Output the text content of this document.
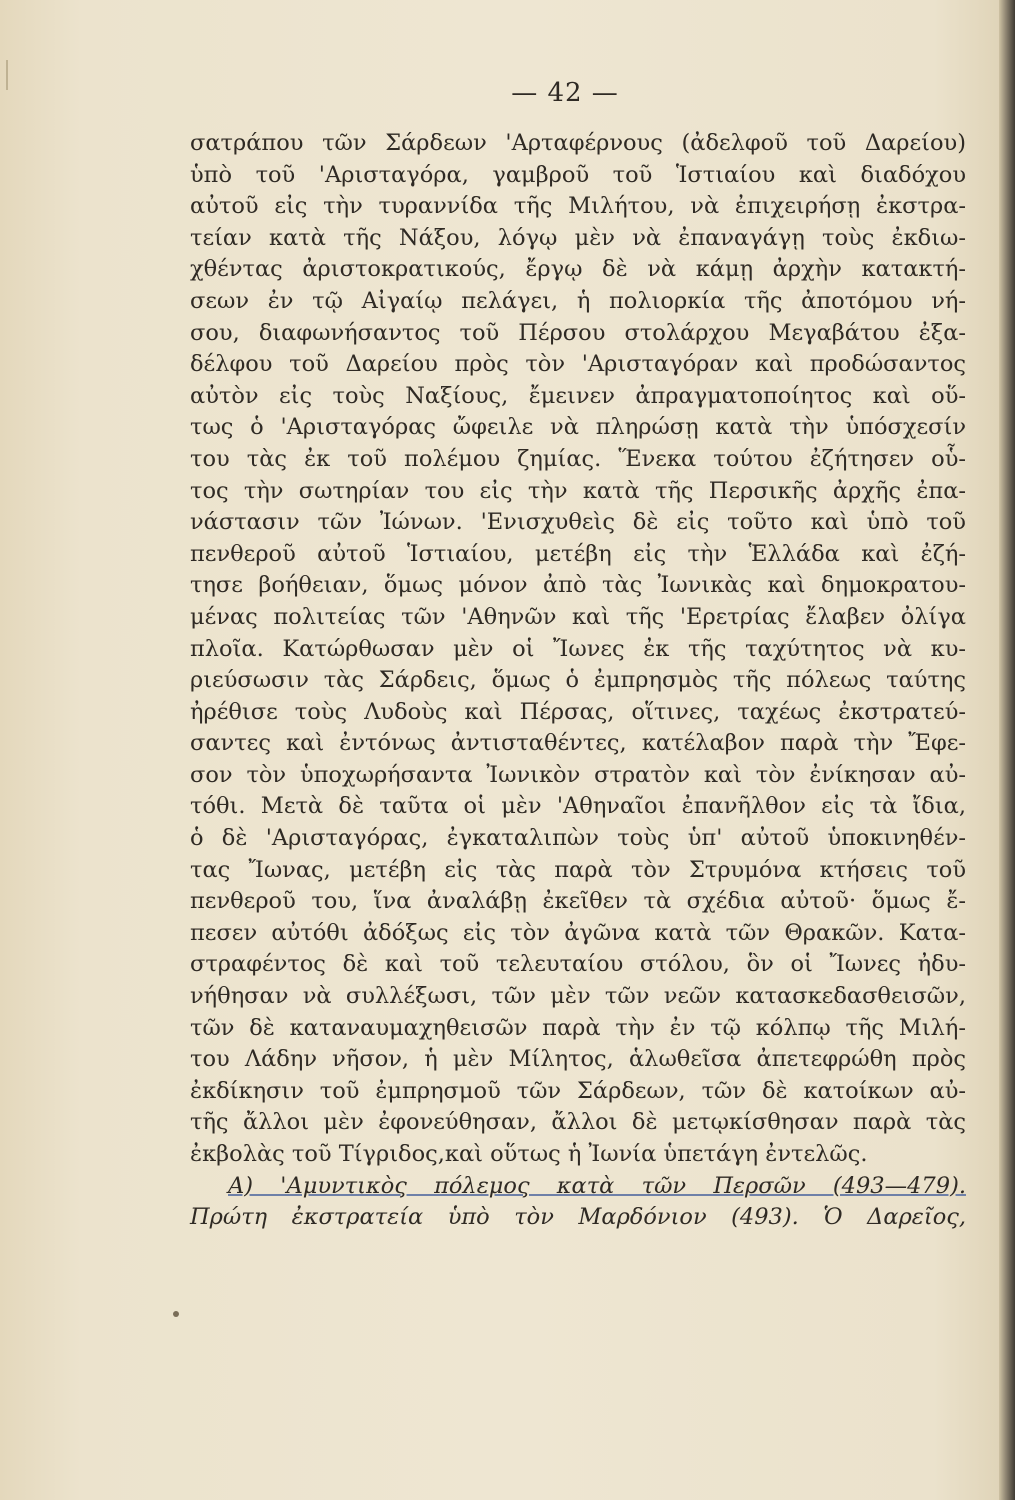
— 42 —
σατράπου τῶν Σάρδεων 'Αρταφέρνους (ἀδελφοῦ τοῦ Δαρείου)
ὑπὸ τοῦ 'Αρισταγόρα, γαμβροῦ τοῦ Ἱστιαίου καὶ διαδόχου
αὐτοῦ εἰς τὴν τυραννίδα τῆς Μιλήτου, νὰ ἐπιχειρήσῃ ἐκστρα-
τείαν κατὰ τῆς Νάξου, λόγῳ μὲν νὰ ἐπαναγάγῃ τοὺς ἐκδιω-
χθέντας ἀριστοκρατικούς, ἔργῳ δὲ νὰ κάμῃ ἀρχὴν κατακτή-
σεων ἐν τῷ Αἰγαίῳ πελάγει, ἡ πολιορκία τῆς ἀποτόμου νή-
σου, διαφωνήσαντος τοῦ Πέρσου στολάρχου Μεγαβάτου ἐξα-
δέλφου τοῦ Δαρείου πρὸς τὸν 'Αρισταγόραν καὶ προδώσαντος
αὐτὸν εἰς τοὺς Ναξίους, ἔμεινεν ἀπραγματοποίητος καὶ οὕ-
τως ὁ 'Αρισταγόρας ὤφειλε νὰ πληρώσῃ κατὰ τὴν ὑπόσχεσίν
του τὰς ἐκ τοῦ πολέμου ζημίας. Ἕνεκα τούτου ἐζήτησεν οὗ-
τος τὴν σωτηρίαν του εἰς τὴν κατὰ τῆς Περσικῆς ἀρχῆς ἐπα-
νάστασιν τῶν Ἰώνων. 'Ενισχυθεὶς δὲ εἰς τοῦτο καὶ ὑπὸ τοῦ
πενθεροῦ αὐτοῦ Ἱστιαίου, μετέβη εἰς τὴν Ἑλλάδα καὶ ἐζή-
τησε βοήθειαν, ὅμως μόνον ἀπὸ τὰς Ἰωνικὰς καὶ δημοκρατου-
μένας πολιτείας τῶν 'Αθηνῶν καὶ τῆς 'Ερετρίας ἔλαβεν ὀλίγα
πλοῖα. Κατώρθωσαν μὲν οἱ Ἴωνες ἐκ τῆς ταχύτητος νὰ κυ-
ριεύσωσιν τὰς Σάρδεις, ὅμως ὁ ἐμπρησμὸς τῆς πόλεως ταύτης
ἠρέθισε τοὺς Λυδοὺς καὶ Πέρσας, οἵτινες, ταχέως ἐκστρατεύ-
σαντες καὶ ἐντόνως ἀντισταθέντες, κατέλαβον παρὰ τὴν Ἔφε-
σον τὸν ὑποχωρήσαντα Ἰωνικὸν στρατὸν καὶ τὸν ἐνίκησαν αὐ-
τόθι. Μετὰ δὲ ταῦτα οἱ μὲν 'Αθηναῖοι ἐπανῆλθον εἰς τὰ ἴδια,
ὁ δὲ 'Αρισταγόρας, ἐγκαταλιπὼν τοὺς ὑπ' αὐτοῦ ὑποκινηθέν-
τας Ἴωνας, μετέβη εἰς τὰς παρὰ τὸν Στρυμόνα κτήσεις τοῦ
πενθεροῦ του, ἵνα ἀναλάβῃ ἐκεῖθεν τὰ σχέδια αὐτοῦ· ὅμως ἔ-
πεσεν αὐτόθι ἀδόξως εἰς τὸν ἀγῶνα κατὰ τῶν Θρακῶν. Κατα-
στραφέντος δὲ καὶ τοῦ τελευταίου στόλου, ὃν οἱ Ἴωνες ἠδυ-
νήθησαν νὰ συλλέξωσι, τῶν μὲν τῶν νεῶν κατασκεδασθεισῶν,
τῶν δὲ καταναυμαχηθεισῶν παρὰ τὴν ἐν τῷ κόλπῳ τῆς Μιλή-
του Λάδην νῆσον, ἡ μὲν Μίλητος, ἁλωθεῖσα ἀπετεφρώθη πρὸς
ἐκδίκησιν τοῦ ἐμπρησμοῦ τῶν Σάρδεων, τῶν δὲ κατοίκων αὐ-
τῆς ἄλλοι μὲν ἐφονεύθησαν, ἄλλοι δὲ μετῳκίσθησαν παρὰ τὰς
ἐκβολὰς τοῦ Τίγριδος,καὶ οὕτως ἡ Ἰωνία ὑπετάγη ἐντελῶς.
Α) 'Αμυντικὸς πόλεμος κατὰ τῶν Περσῶν (493—479).
Πρώτη ἐκστρατεία ὑπὸ τὸν Μαρδόνιον (493). Ὁ Δαρεῖος,
